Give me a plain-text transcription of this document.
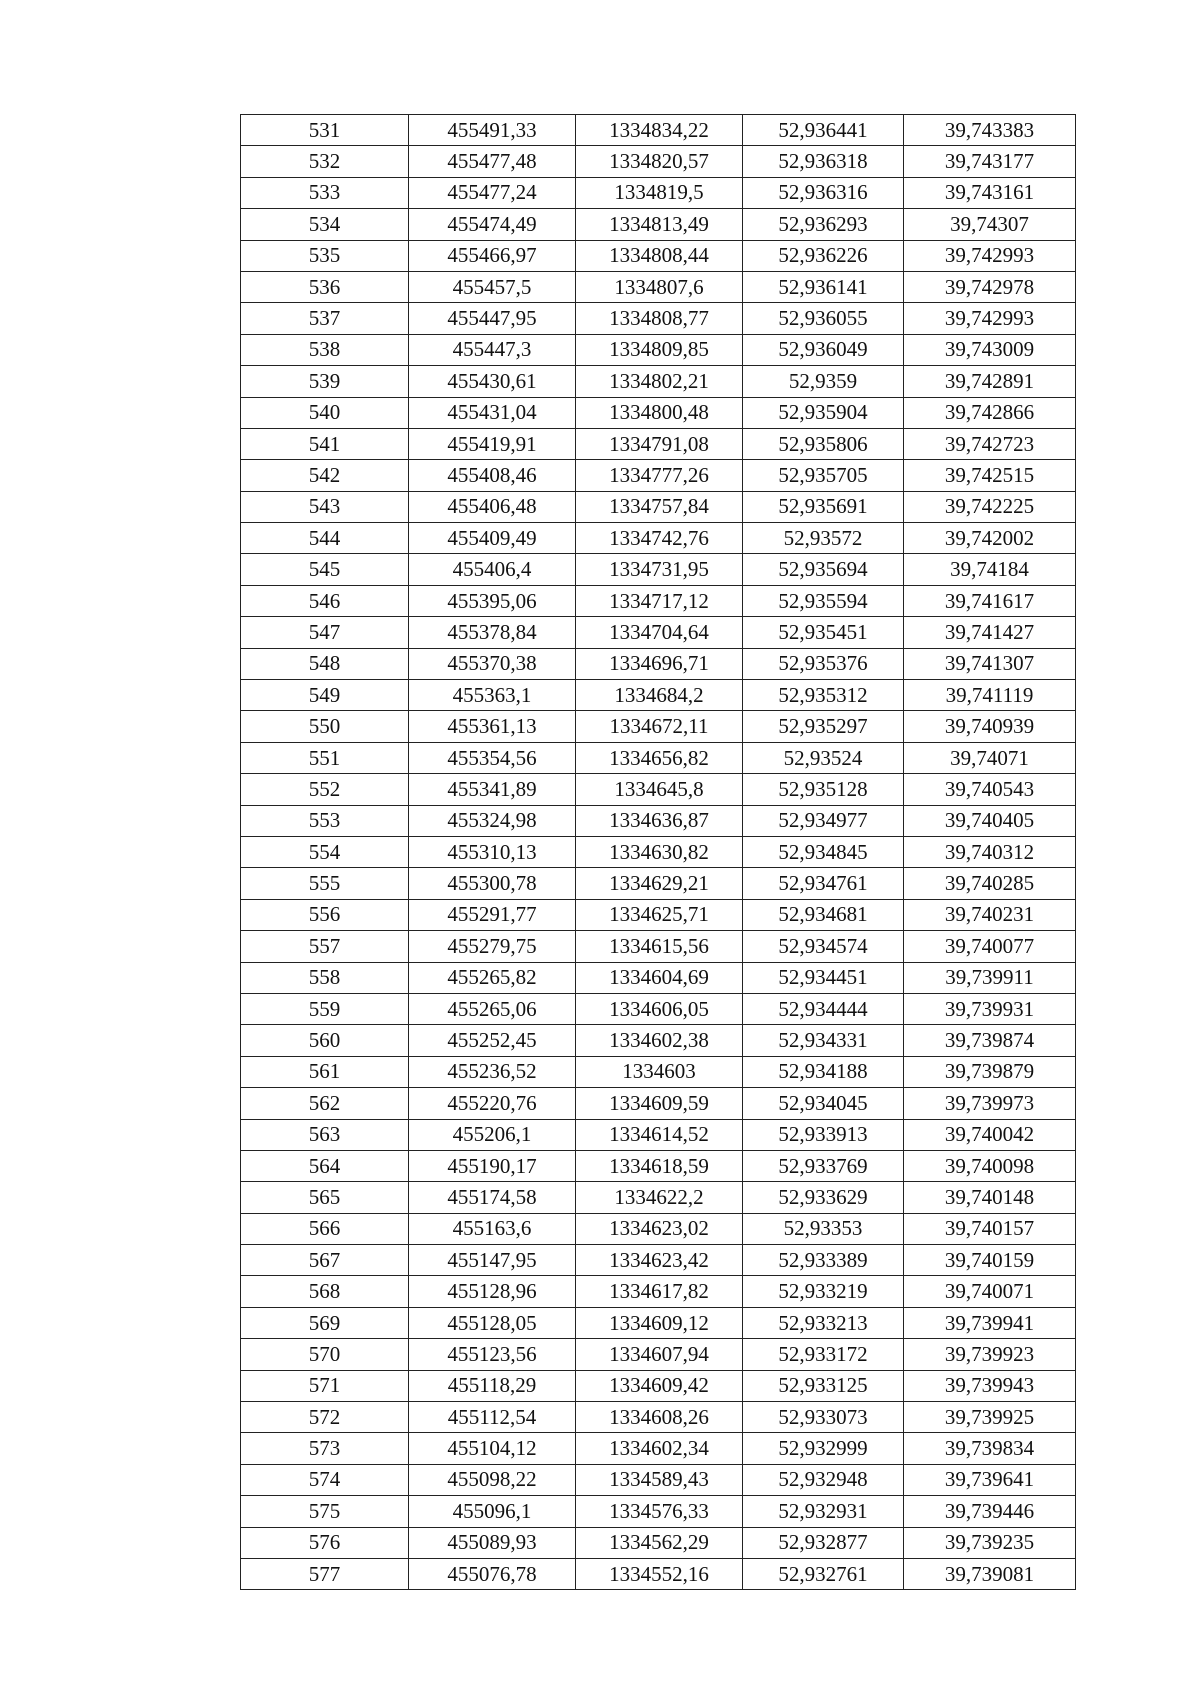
531	455491,33	1334834,22	52,936441	39,743383
532	455477,48	1334820,57	52,936318	39,743177
533	455477,24	1334819,5	52,936316	39,743161
534	455474,49	1334813,49	52,936293	39,74307
535	455466,97	1334808,44	52,936226	39,742993
536	455457,5	1334807,6	52,936141	39,742978
537	455447,95	1334808,77	52,936055	39,742993
538	455447,3	1334809,85	52,936049	39,743009
539	455430,61	1334802,21	52,9359	39,742891
540	455431,04	1334800,48	52,935904	39,742866
541	455419,91	1334791,08	52,935806	39,742723
542	455408,46	1334777,26	52,935705	39,742515
543	455406,48	1334757,84	52,935691	39,742225
544	455409,49	1334742,76	52,93572	39,742002
545	455406,4	1334731,95	52,935694	39,74184
546	455395,06	1334717,12	52,935594	39,741617
547	455378,84	1334704,64	52,935451	39,741427
548	455370,38	1334696,71	52,935376	39,741307
549	455363,1	1334684,2	52,935312	39,741119
550	455361,13	1334672,11	52,935297	39,740939
551	455354,56	1334656,82	52,93524	39,74071
552	455341,89	1334645,8	52,935128	39,740543
553	455324,98	1334636,87	52,934977	39,740405
554	455310,13	1334630,82	52,934845	39,740312
555	455300,78	1334629,21	52,934761	39,740285
556	455291,77	1334625,71	52,934681	39,740231
557	455279,75	1334615,56	52,934574	39,740077
558	455265,82	1334604,69	52,934451	39,739911
559	455265,06	1334606,05	52,934444	39,739931
560	455252,45	1334602,38	52,934331	39,739874
561	455236,52	1334603	52,934188	39,739879
562	455220,76	1334609,59	52,934045	39,739973
563	455206,1	1334614,52	52,933913	39,740042
564	455190,17	1334618,59	52,933769	39,740098
565	455174,58	1334622,2	52,933629	39,740148
566	455163,6	1334623,02	52,93353	39,740157
567	455147,95	1334623,42	52,933389	39,740159
568	455128,96	1334617,82	52,933219	39,740071
569	455128,05	1334609,12	52,933213	39,739941
570	455123,56	1334607,94	52,933172	39,739923
571	455118,29	1334609,42	52,933125	39,739943
572	455112,54	1334608,26	52,933073	39,739925
573	455104,12	1334602,34	52,932999	39,739834
574	455098,22	1334589,43	52,932948	39,739641
575	455096,1	1334576,33	52,932931	39,739446
576	455089,93	1334562,29	52,932877	39,739235
577	455076,78	1334552,16	52,932761	39,739081
